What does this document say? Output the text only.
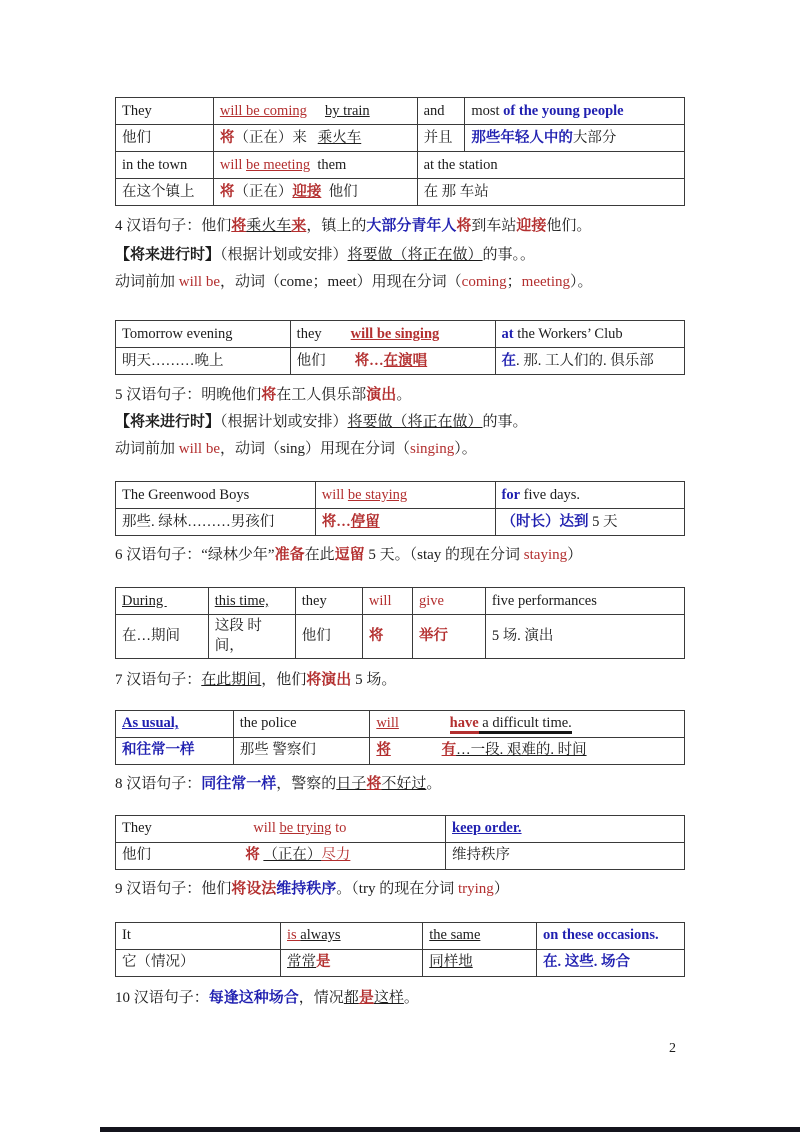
They	will be coming by train	and	most of the young people
他们	将（正在）来 乘火车	并且	那些年轻人中的大部分
in the town	will be meeting them	at the station	
在这个镇上	将（正在）迎接 他们	在 那 车站	

4 汉语句子：他们将乘火车来，镇上的大部分青年人将到车站迎接他们。

【将来进行时】（根据计划或安排）将要做（将正在做）的事。。

动词前加 will be，动词（come；meet）用现在分词（coming；meeting）。

Tomorrow evening	they will be singing	at the Workers’ Club
明天………晚上	他们 将…在演唱	在. 那. 工人们的. 俱乐部

5 汉语句子：明晚他们将在工人俱乐部演出。

【将来进行时】（根据计划或安排）将要做（将正在做）的事。

动词前加 will be，动词（sing）用现在分词（singing）。

The Greenwood Boys	will be staying	for five days.
那些. 绿林………男孩们	将…停留	（时长）达到 5 天

6 汉语句子：“绿林少年”准备在此逗留 5 天。（stay 的现在分词 staying）

During	this time,	they	will	give	five performances
在…期间	这段 时间，	他们	将	举行	5 场. 演出

7 汉语句子：在此期间，他们将演出 5 场。

As usual,	the police	will have a difficult time.
和往常一样	那些 警察们	将 有…一段. 艰难的. 时间

8 汉语句子：同往常一样，警察的日子将不好过。

They will be trying to	keep order.
他们 将 （正在）尽力	维持秩序

9 汉语句子：他们将设法维持秩序。（try 的现在分词 trying）

It	is always	the same	on these occasions.
它（情况）	常常是	同样地	在. 这些. 场合

10 汉语句子：每逢这种场合，情况都是这样。

2
